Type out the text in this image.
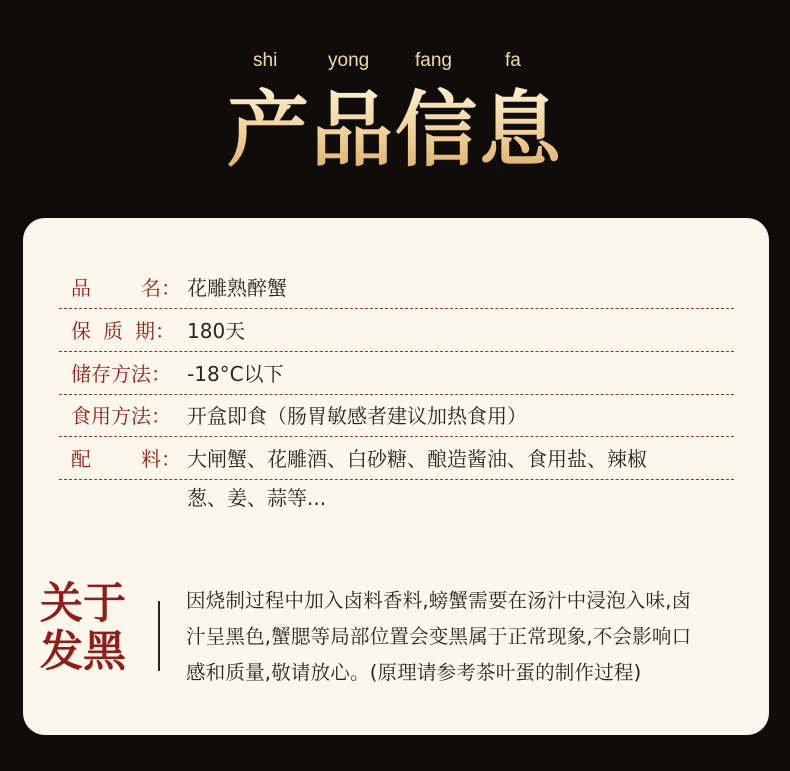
shi	yong fang	fa
产品信息
品	名： 花雕熟醉蟹
保 质 期： 180天
储存方法： -18°C以下
食用方法： 开盒即食（肠胃敏感者建议加热食用）
配	料： 大闸蟹、花雕酒、白砂糖、酿造酱油、食用盐、辣椒
葱、姜、蒜等...
关于
发黑
因烧制过程中加入卤料香料,螃蟹需要在汤汁中浸泡入味,卤
汁呈黑色,蟹腮等局部位置会变黑属于正常现象,不会影响口
感和质量,敬请放心。(原理请参考茶叶蛋的制作过程)
